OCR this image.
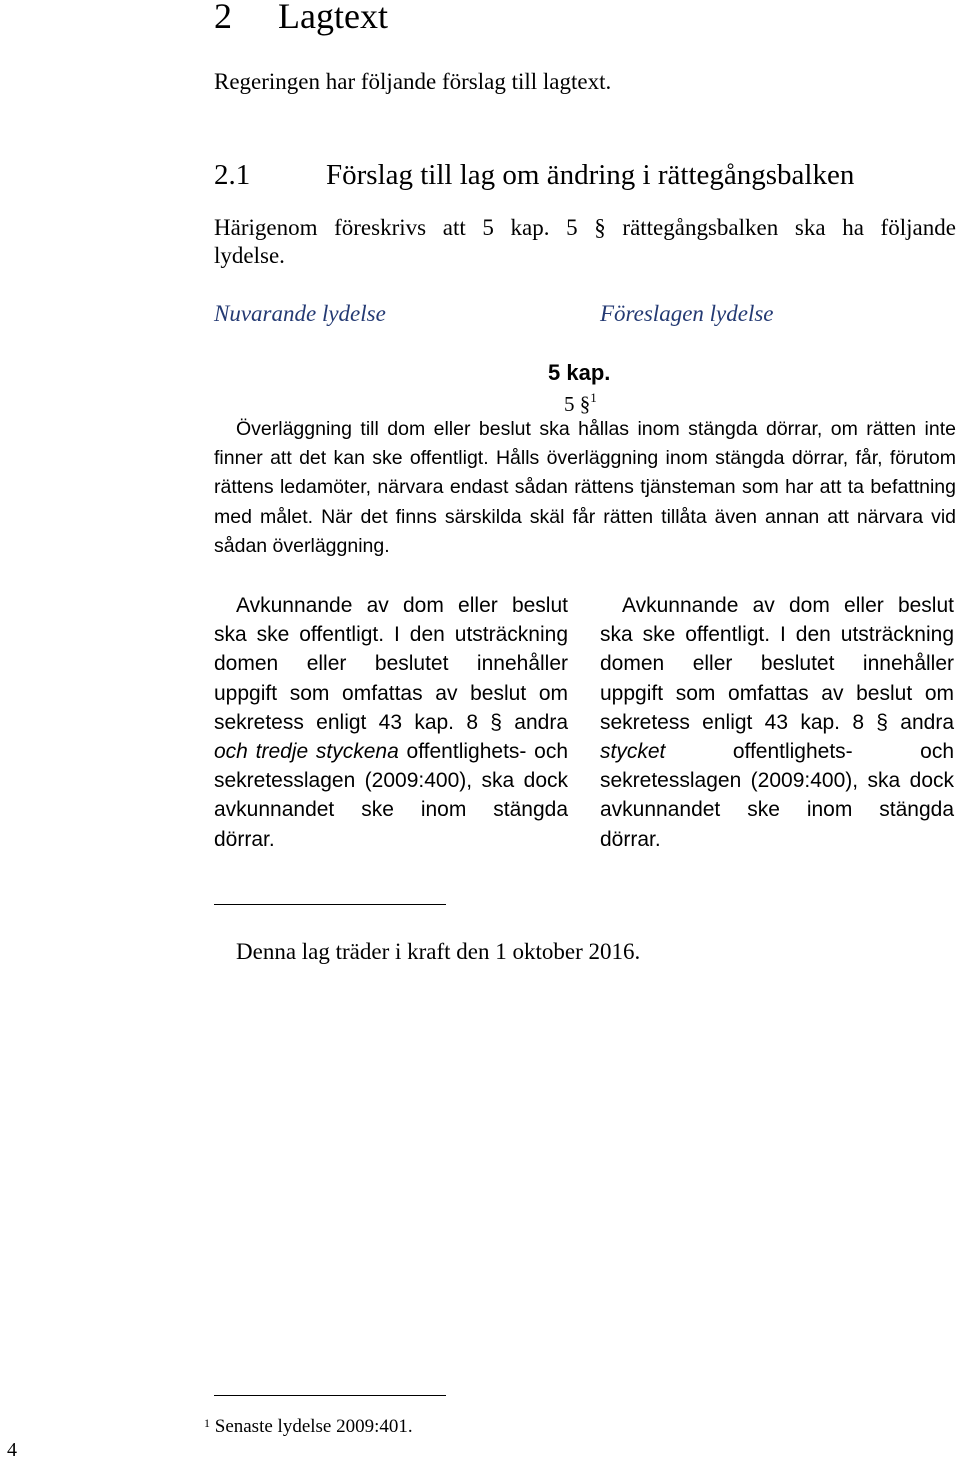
2 Lagtext
Regeringen har följande förslag till lagtext.
2.1	Förslag till lag om ändring i rättegångsbalken
Härigenom föreskrivs att 5 kap. 5 § rättegångsbalken ska ha följande
lydelse.
Nuvarande lydelse	Föreslagen lydelse
5 kap.
5 §$^1$
Överläggning till dom eller beslut ska hållas inom stängda dörrar, om rätten inte finner att det kan ske offentligt. Hålls överläggning inom stängda dörrar, får, förutom rättens ledamöter, närvara endast sådan rättens tjänsteman som har att ta befattning med målet. När det finns särskilda skäl får rätten tillåta även annan att närvara vid sådan överläggning.
Avkunnande av dom eller beslut ska ske offentligt. I den utsträckning domen eller beslutet innehåller uppgift som omfattas av beslut om sekretess enligt 43 kap. 8 § andra och tredje styckena offentlighets- och sekretesslagen (2009:400), ska dock avkunnandet ske inom stängda dörrar.
Avkunnande av dom eller beslut ska ske offentligt. I den utsträckning domen eller beslutet innehåller uppgift som omfattas av beslut om sekretess enligt 43 kap. 8 § andra stycket offentlighets- och sekretesslagen (2009:400), ska dock avkunnandet ske inom stängda dörrar.
Denna lag träder i kraft den 1 oktober 2016.
$^1$ Senaste lydelse 2009:401.
4
